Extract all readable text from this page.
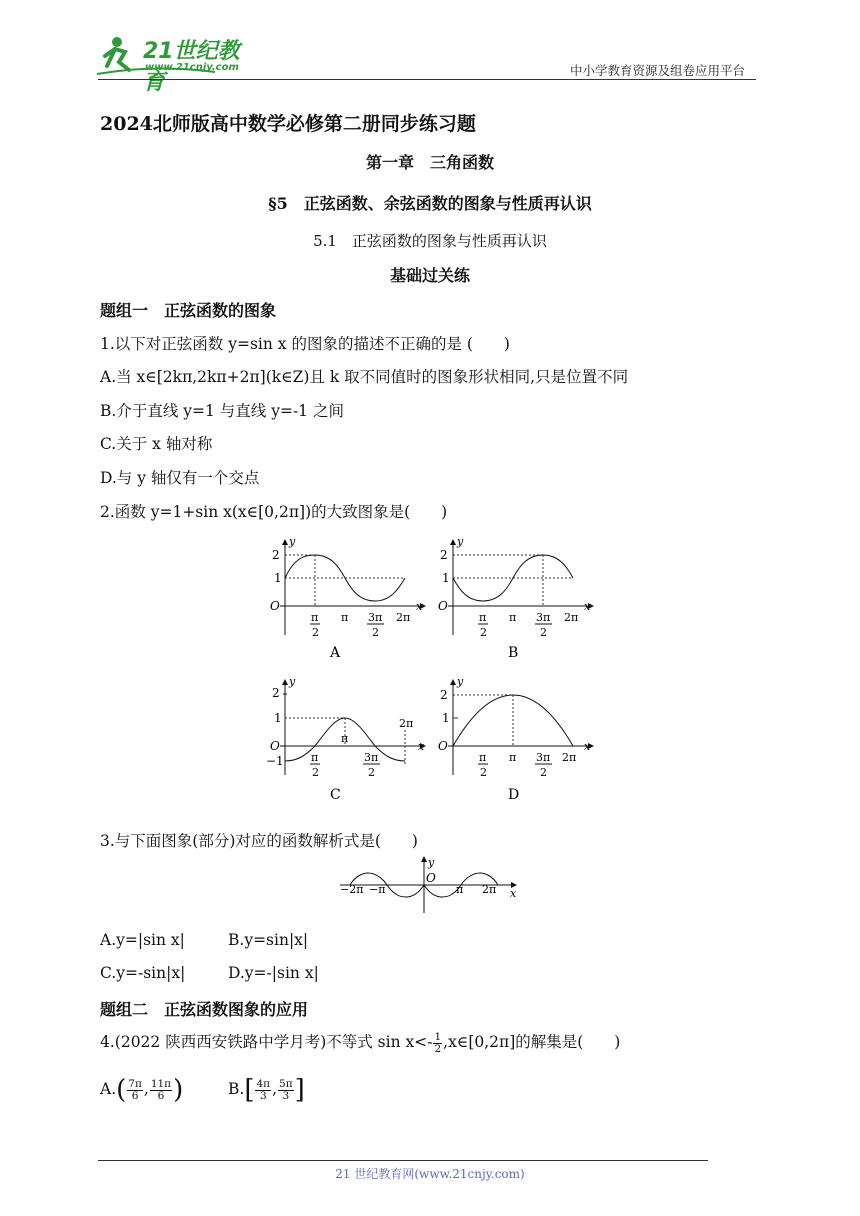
21世纪教育
www.21cnjy.com	中小学教育资源及组卷应用平台
2024北师版高中数学必修第二册同步练习题
第一章　三角函数
§5　正弦函数、余弦函数的图象与性质再认识
5.1　正弦函数的图象与性质再认识
基础过关练
题组一　正弦函数的图象
1.以下对正弦函数 y=sin x 的图象的描述不正确的是 (　　)
A.当 x∈[2kπ,2kπ+2π](k∈Z)且 k 取不同值时的图象形状相同,只是位置不同
B.介于直线 y=1 与直线 y=-1 之间
C.关于 x 轴对称
D.与 y 轴仅有一个交点
2.函数 y=1+sin x(x∈[0,2π])的大致图象是(　　)
2
1
O
y
x
π
2
π 3π
2
2π
A
2
1
O
y
x
π
2
π 3π
2
2π
B
2
1
O
−1
y
x
π
2
π
3π
2
2π
C
2
1
O
y
x
π
2
π 3π
2
2π
D
3.与下面图象(部分)对应的函数解析式是(　　)
y
O
x
−2π −π	π 2π
A.y=|sin x|	B.y=sin|x|
C.y=-sin|x|	D.y=-|sin x|
题组二　正弦函数图象的应用
4.(2022 陕西西安铁路中学月考)不等式 $\sin x<- \frac{1}{2}$ ,x∈[0,2π]的解集是(　　)
$A.( \frac{7\pi}{6}$ , $\frac{11\pi}{6}$ )	$B.[ \frac{4\pi}{3}$ , $\frac{5\pi}{3}$ ]
21 世纪教育网(www.21cnjy.com)
